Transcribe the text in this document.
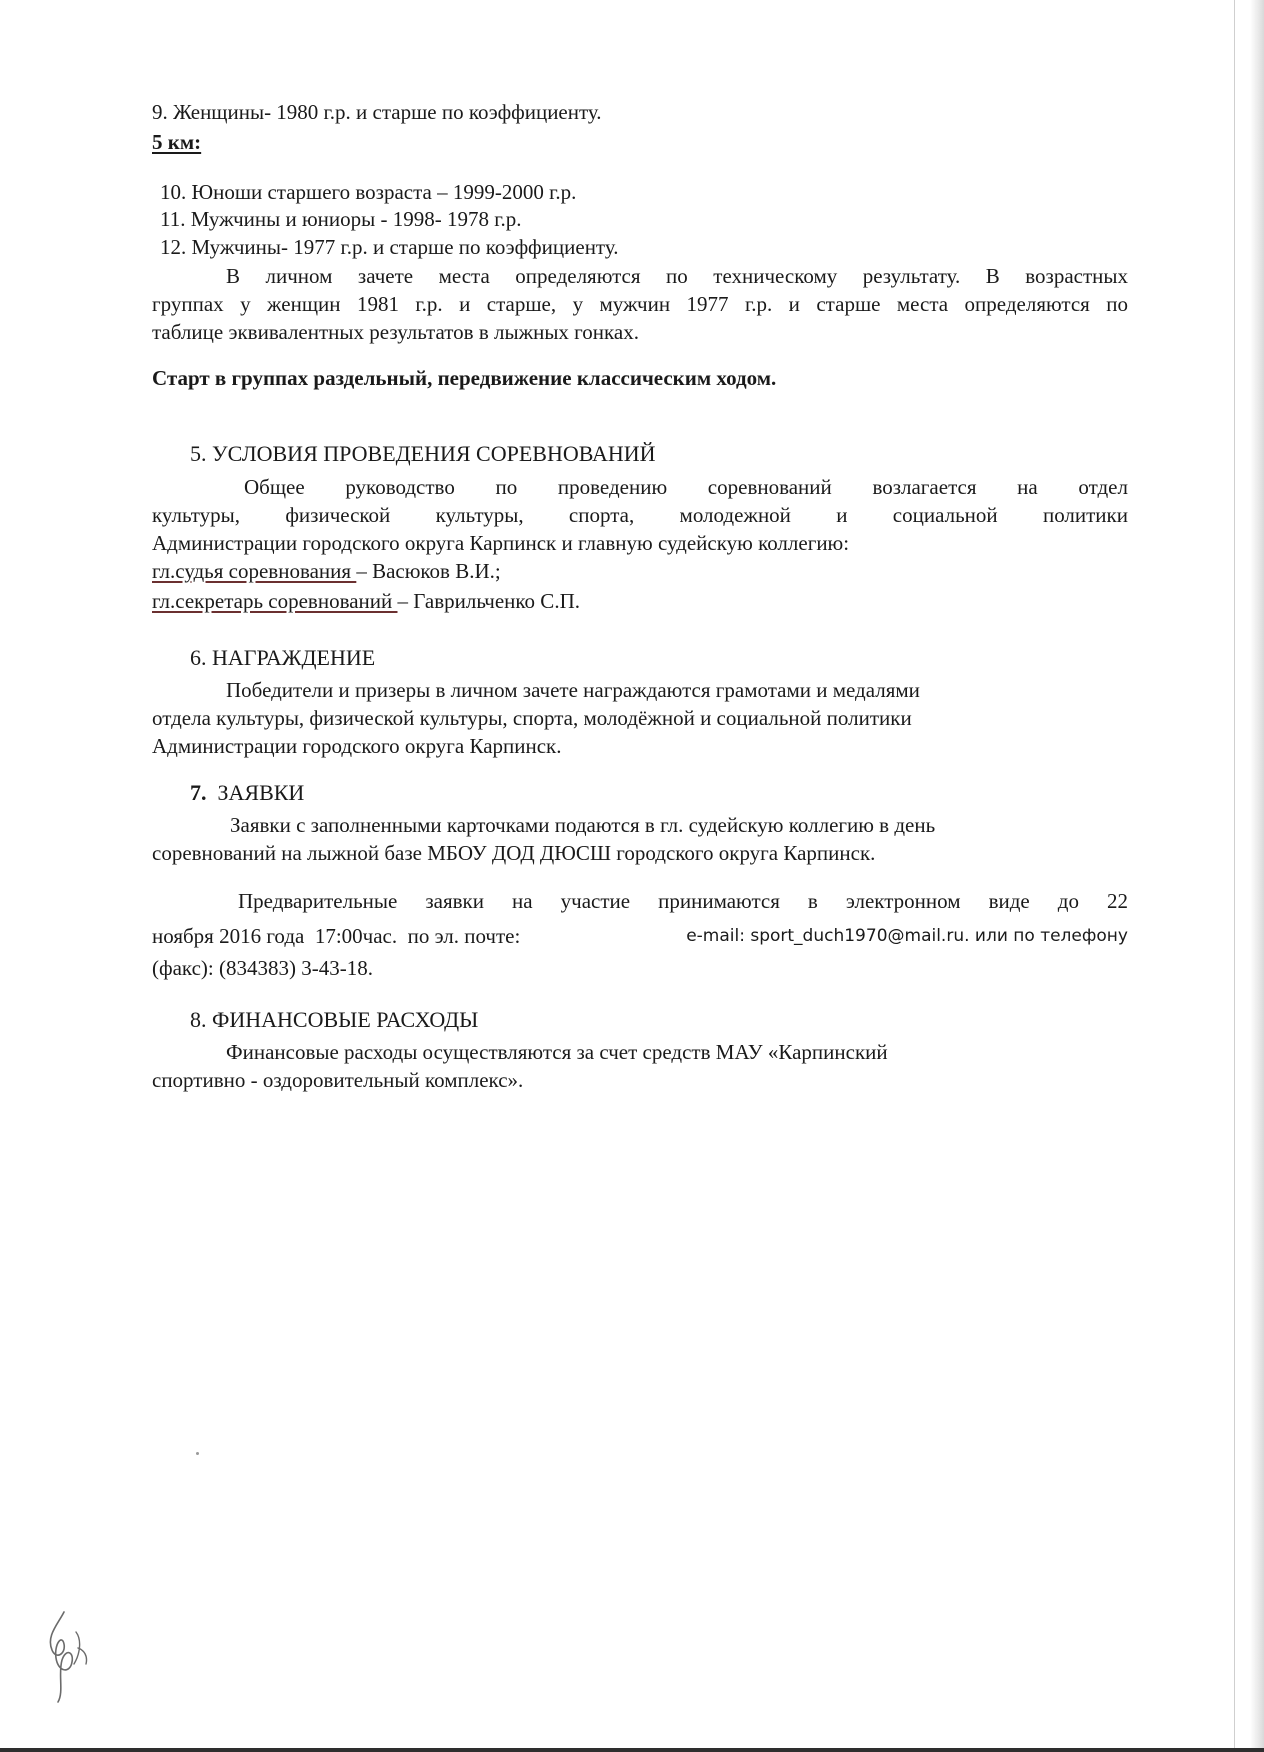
9. Женщины- 1980 г.р. и старше по коэффициенту.
5 км:
10. Юноши старшего возраста – 1999-2000 г.р.
11. Мужчины и юниоры - 1998- 1978 г.р.
12. Мужчины- 1977 г.р. и старше по коэффициенту.
В личном зачете места определяются по техническому результату. В возрастных
группах у женщин 1981 г.р. и старше, у мужчин 1977 г.р. и старше места определяются по
таблице эквивалентных результатов в лыжных гонках.
Старт в группах раздельный, передвижение классическим ходом.
5. УСЛОВИЯ ПРОВЕДЕНИЯ СОРЕВНОВАНИЙ
Общее руководство по проведению соревнований возлагается на отдел
культуры, физической культуры, спорта, молодежной и социальной политики
Администрации городского округа Карпинск и главную судейскую коллегию:
гл.судья соревнования – Васюков В.И.;
гл.секретарь соревнований – Гаврильченко С.П.
6. НАГРАЖДЕНИЕ
Победители и призеры в личном зачете награждаются грамотами и медалями
отдела культуры, физической культуры, спорта, молодёжной и социальной политики
Администрации городского округа Карпинск.
7. ЗАЯВКИ
Заявки с заполненными карточками подаются в гл. судейскую коллегию в день
соревнований на лыжной базе МБОУ ДОД ДЮСШ городского округа Карпинск.
Предварительные заявки на участие принимаются в электронном виде до 22
ноября 2016 года  17:00час.  по эл. почте:	e-mail: sport_duch1970@mail.ru. или по телефону
(факс): (834383) 3-43-18.
8. ФИНАНСОВЫЕ РАСХОДЫ
Финансовые расходы осуществляются за счет средств МАУ «Карпинский
спортивно - оздоровительный комплекс».
